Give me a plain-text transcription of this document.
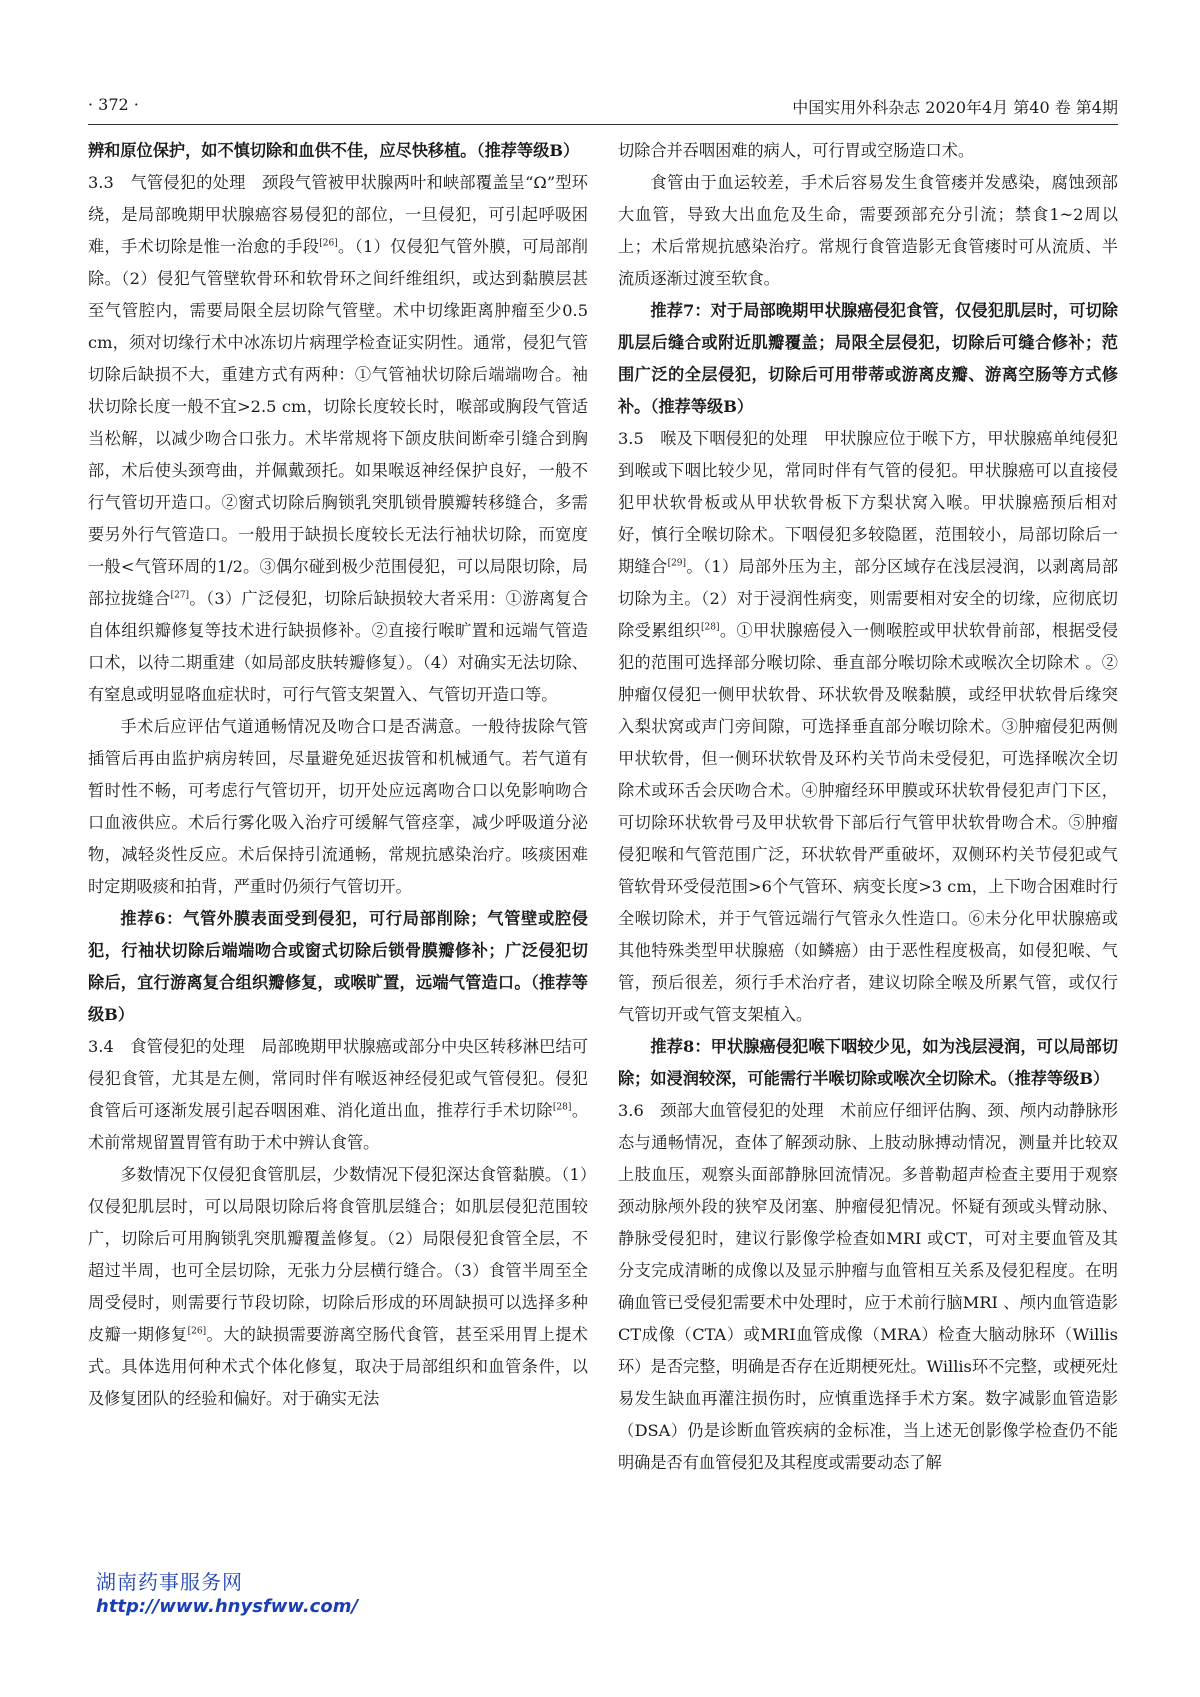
· 372 ·	中国实用外科杂志 2020年4月 第40 卷 第4期

辨和原位保护，如不慎切除和血供不佳，应尽快移植。（推荐等级B）

3.3　气管侵犯的处理　颈段气管被甲状腺两叶和峡部覆盖呈“Ω”型环绕，是局部晚期甲状腺癌容易侵犯的部位，一旦侵犯，可引起呼吸困难，手术切除是惟一治愈的手段[26]。（1）仅侵犯气管外膜，可局部削除。（2）侵犯气管壁软骨环和软骨环之间纤维组织，或达到黏膜层甚至气管腔内，需要局限全层切除气管壁。术中切缘距离肿瘤至少0.5 cm，须对切缘行术中冰冻切片病理学检查证实阴性。通常，侵犯气管切除后缺损不大，重建方式有两种：①气管袖状切除后端端吻合。袖状切除长度一般不宜>2.5 cm，切除长度较长时，喉部或胸段气管适当松解，以减少吻合口张力。术毕常规将下颌皮肤间断牵引缝合到胸部，术后使头颈弯曲，并佩戴颈托。如果喉返神经保护良好，一般不行气管切开造口。②窗式切除后胸锁乳突肌锁骨膜瓣转移缝合，多需要另外行气管造口。一般用于缺损长度较长无法行袖状切除，而宽度一般<气管环周的1/2。③偶尔碰到极少范围侵犯，可以局限切除，局部拉拢缝合[27]。（3）广泛侵犯，切除后缺损较大者采用：①游离复合自体组织瓣修复等技术进行缺损修补。②直接行喉旷置和远端气管造口术，以待二期重建（如局部皮肤转瓣修复）。（4）对确实无法切除、有窒息或明显咯血症状时，可行气管支架置入、气管切开造口等。

手术后应评估气道通畅情况及吻合口是否满意。一般待拔除气管插管后再由监护病房转回，尽量避免延迟拔管和机械通气。若气道有暂时性不畅，可考虑行气管切开，切开处应远离吻合口以免影响吻合口血液供应。术后行雾化吸入治疗可缓解气管痉挛，减少呼吸道分泌物，减轻炎性反应。术后保持引流通畅，常规抗感染治疗。咳痰困难时定期吸痰和拍背，严重时仍须行气管切开。

推荐6：气管外膜表面受到侵犯，可行局部削除；气管壁或腔侵犯，行袖状切除后端端吻合或窗式切除后锁骨膜瓣修补；广泛侵犯切除后，宜行游离复合组织瓣修复，或喉旷置，远端气管造口。（推荐等级B）

3.4　食管侵犯的处理　局部晚期甲状腺癌或部分中央区转移淋巴结可侵犯食管，尤其是左侧，常同时伴有喉返神经侵犯或气管侵犯。侵犯食管后可逐渐发展引起吞咽困难、消化道出血，推荐行手术切除[28]。术前常规留置胃管有助于术中辨认食管。

多数情况下仅侵犯食管肌层，少数情况下侵犯深达食管黏膜。（1）仅侵犯肌层时，可以局限切除后将食管肌层缝合；如肌层侵犯范围较广，切除后可用胸锁乳突肌瓣覆盖修复。（2）局限侵犯食管全层，不超过半周，也可全层切除，无张力分层横行缝合。（3）食管半周至全周受侵时，则需要行节段切除，切除后形成的环周缺损可以选择多种皮瓣一期修复[26]。大的缺损需要游离空肠代食管，甚至采用胃上提术式。具体选用何种术式个体化修复，取决于局部组织和血管条件，以及修复团队的经验和偏好。对于确实无法

切除合并吞咽困难的病人，可行胃或空肠造口术。

食管由于血运较差，手术后容易发生食管瘘并发感染，腐蚀颈部大血管，导致大出血危及生命，需要颈部充分引流；禁食1~2周以上；术后常规抗感染治疗。常规行食管造影无食管瘘时可从流质、半流质逐渐过渡至软食。

推荐7：对于局部晚期甲状腺癌侵犯食管，仅侵犯肌层时，可切除肌层后缝合或附近肌瓣覆盖；局限全层侵犯，切除后可缝合修补；范围广泛的全层侵犯，切除后可用带蒂或游离皮瓣、游离空肠等方式修补。（推荐等级B）

3.5　喉及下咽侵犯的处理　甲状腺应位于喉下方，甲状腺癌单纯侵犯到喉或下咽比较少见，常同时伴有气管的侵犯。甲状腺癌可以直接侵犯甲状软骨板或从甲状软骨板下方梨状窝入喉。甲状腺癌预后相对好，慎行全喉切除术。下咽侵犯多较隐匿，范围较小，局部切除后一期缝合[29]。（1）局部外压为主，部分区域存在浅层浸润，以剥离局部切除为主。（2）对于浸润性病变，则需要相对安全的切缘，应彻底切除受累组织[28]。①甲状腺癌侵入一侧喉腔或甲状软骨前部，根据受侵犯的范围可选择部分喉切除、垂直部分喉切除术或喉次全切除术 。②肿瘤仅侵犯一侧甲状软骨、环状软骨及喉黏膜，或经甲状软骨后缘突入梨状窝或声门旁间隙，可选择垂直部分喉切除术。③肿瘤侵犯两侧甲状软骨，但一侧环状软骨及环杓关节尚未受侵犯，可选择喉次全切除术或环舌会厌吻合术。④肿瘤经环甲膜或环状软骨侵犯声门下区，可切除环状软骨弓及甲状软骨下部后行气管甲状软骨吻合术。⑤肿瘤侵犯喉和气管范围广泛，环状软骨严重破坏，双侧环杓关节侵犯或气管软骨环受侵范围>6个气管环、病变长度>3 cm，上下吻合困难时行全喉切除术，并于气管远端行气管永久性造口。⑥未分化甲状腺癌或其他特殊类型甲状腺癌（如鳞癌）由于恶性程度极高，如侵犯喉、气管，预后很差，须行手术治疗者，建议切除全喉及所累气管，或仅行气管切开或气管支架植入。

推荐8：甲状腺癌侵犯喉下咽较少见，如为浅层浸润，可以局部切除；如浸润较深，可能需行半喉切除或喉次全切除术。（推荐等级B）

3.6　颈部大血管侵犯的处理　术前应仔细评估胸、颈、颅内动静脉形态与通畅情况，查体了解颈动脉、上肢动脉搏动情况，测量并比较双上肢血压，观察头面部静脉回流情况。多普勒超声检查主要用于观察颈动脉颅外段的狭窄及闭塞、肿瘤侵犯情况。怀疑有颈或头臂动脉、静脉受侵犯时，建议行影像学检查如MRI 或CT，可对主要血管及其分支完成清晰的成像以及显示肿瘤与血管相互关系及侵犯程度。在明确血管已受侵犯需要术中处理时，应于术前行脑MRI 、颅内血管造影CT成像（CTA）或MRI血管成像（MRA）检查大脑动脉环（Willis环）是否完整，明确是否存在近期梗死灶。Willis环不完整，或梗死灶易发生缺血再灌注损伤时，应慎重选择手术方案。数字减影血管造影（DSA）仍是诊断血管疾病的金标准，当上述无创影像学检查仍不能明确是否有血管侵犯及其程度或需要动态了解

湖南药事服务网
http://www.hnysfww.com/
